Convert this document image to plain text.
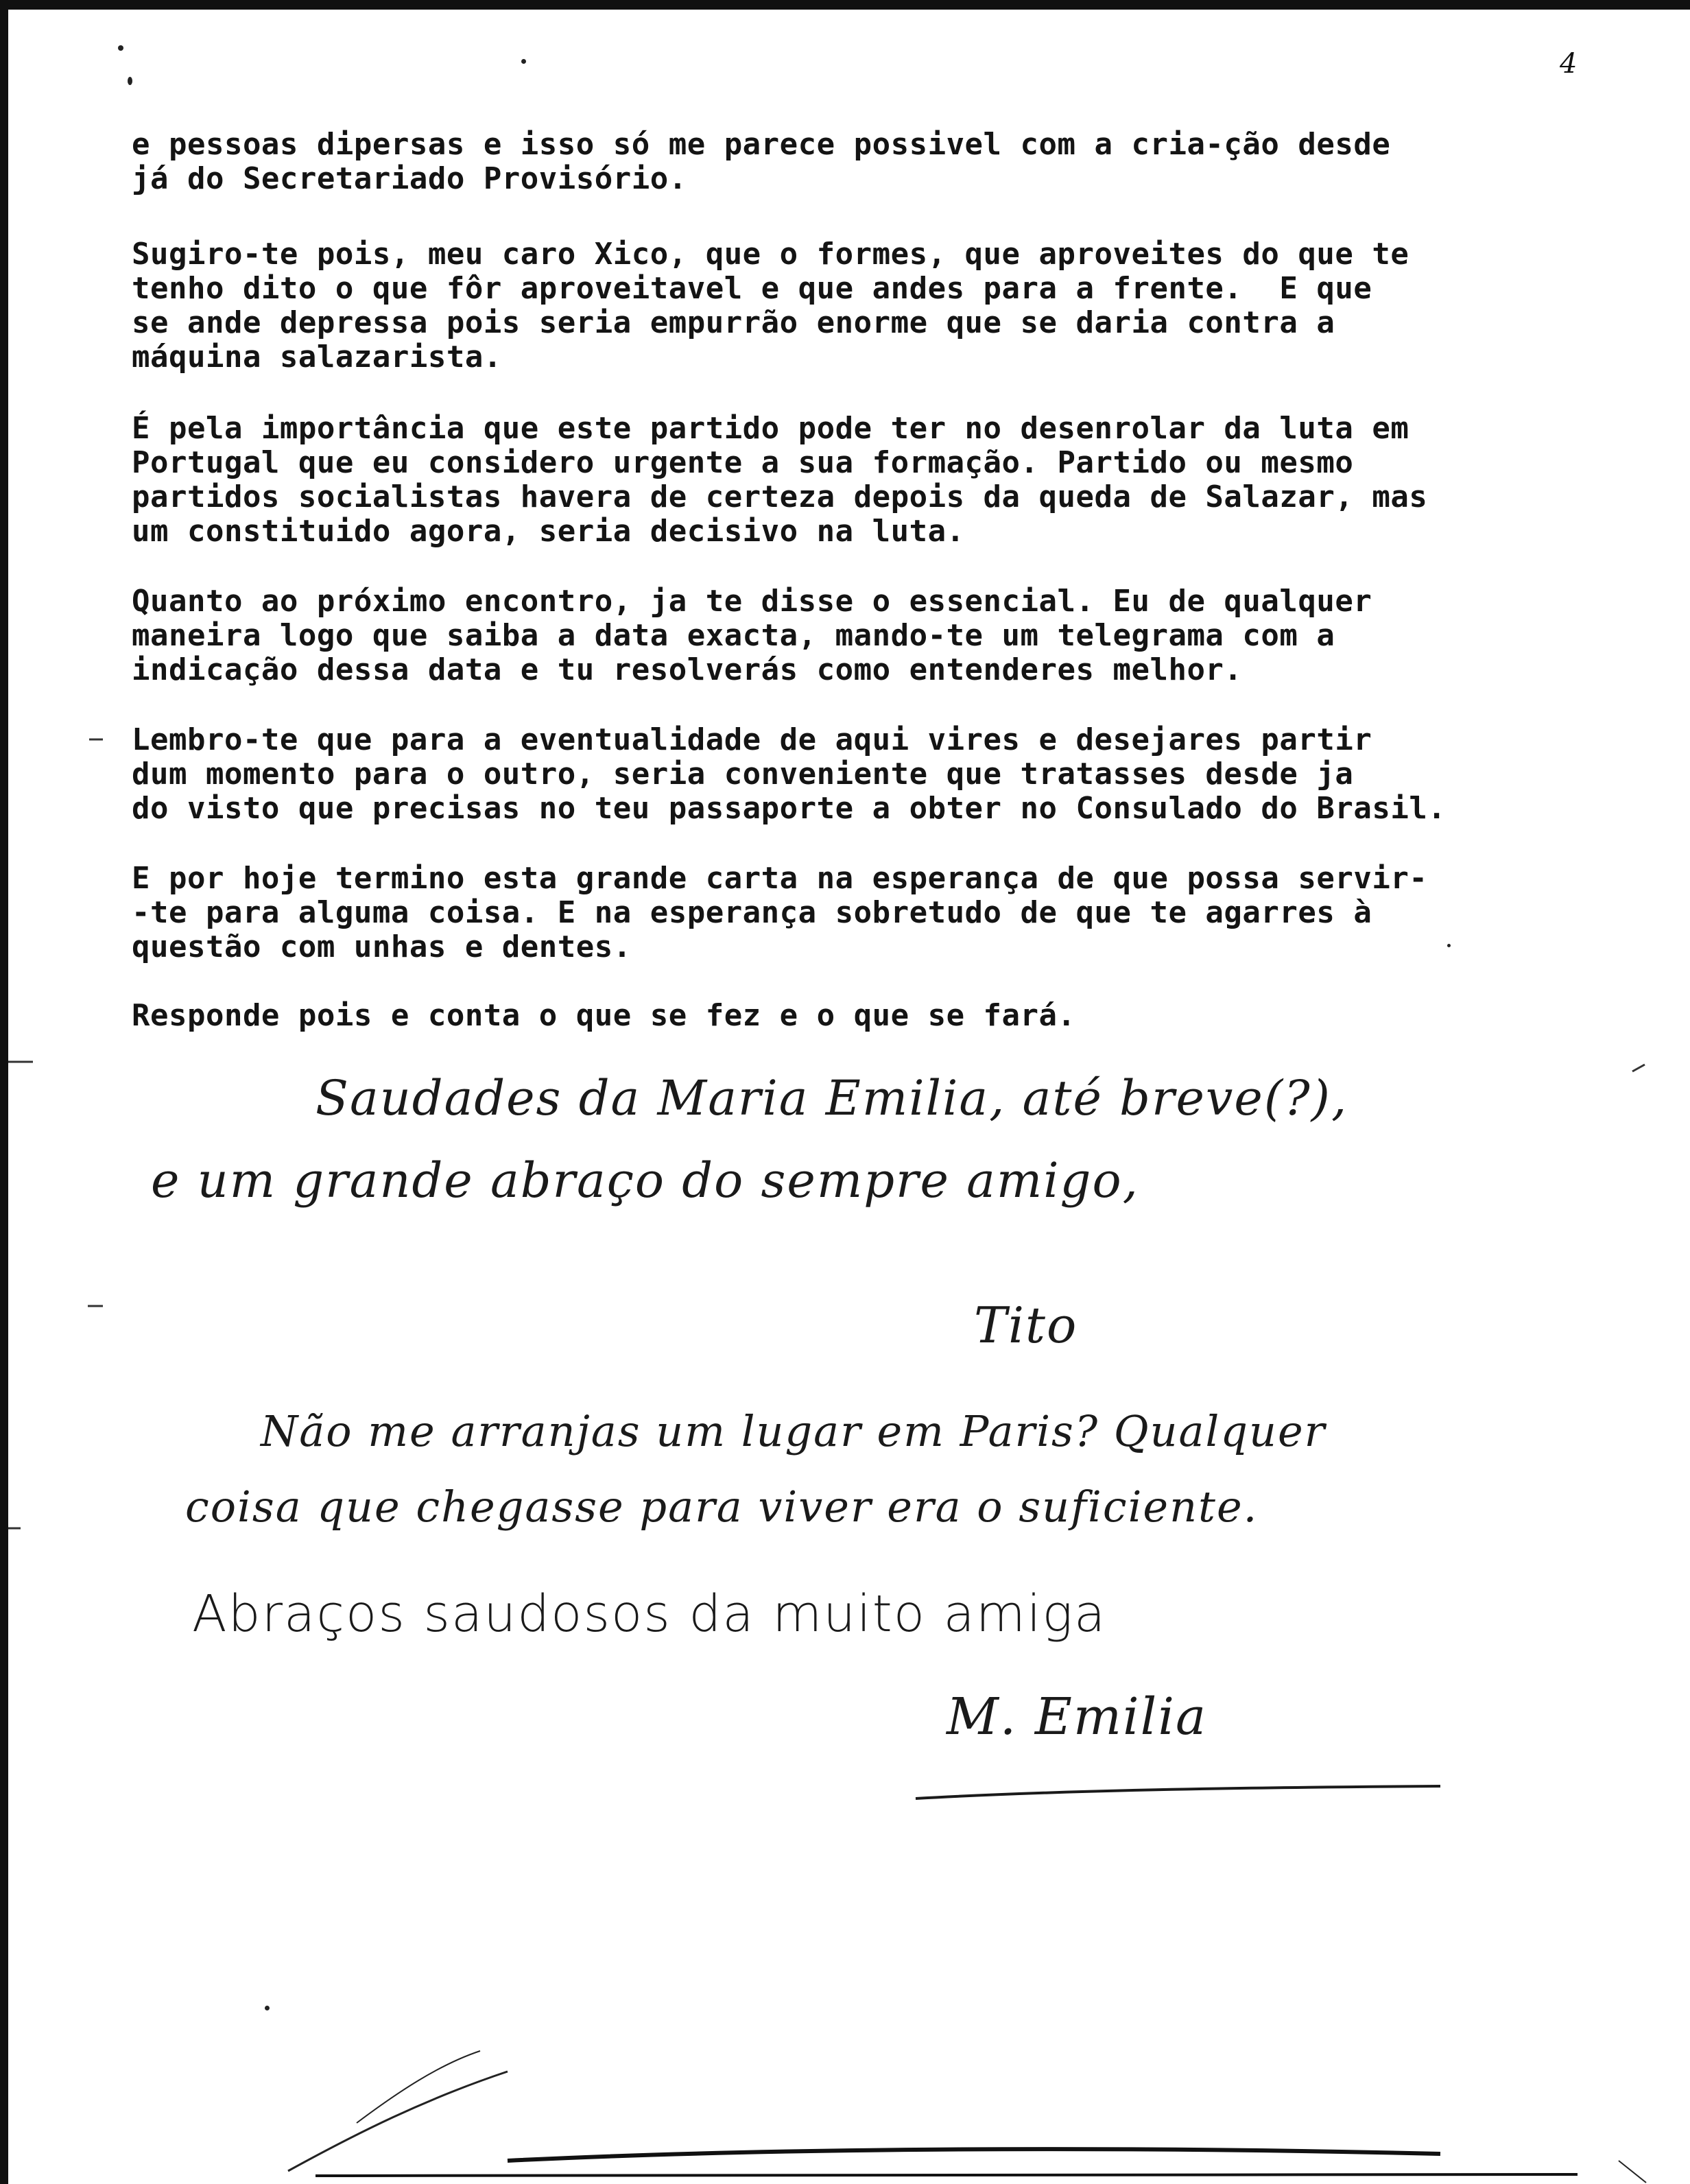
4
e pessoas dipersas e isso só me parece possivel com a cria-ção desde
já do Secretariado Provisório.
Sugiro-te pois, meu caro Xico, que o formes, que aproveites do que te
tenho dito o que fôr aproveitavel e que andes para a frente.  E que
se ande depressa pois seria empurrão enorme que se daria contra a
máquina salazarista.
É pela importância que este partido pode ter no desenrolar da luta em
Portugal que eu considero urgente a sua formação. Partido ou mesmo
partidos socialistas havera de certeza depois da queda de Salazar, mas
um constituido agora, seria decisivo na luta.
Quanto ao próximo encontro, ja te disse o essencial. Eu de qualquer
maneira logo que saiba a data exacta, mando-te um telegrama com a
indicação dessa data e tu resolverás como entenderes melhor.
Lembro-te que para a eventualidade de aqui vires e desejares partir
dum momento para o outro, seria conveniente que tratasses desde ja
do visto que precisas no teu passaporte a obter no Consulado do Brasil.
E por hoje termino esta grande carta na esperança de que possa servir-
-te para alguma coisa. E na esperança sobretudo de que te agarres à
questão com unhas e dentes.
Responde pois e conta o que se fez e o que se fará.
Saudades da Maria Emilia, até breve(?),
e um grande abraço do sempre amigo,
Tito
Não me arranjas um lugar em Paris? Qualquer
coisa que chegasse para viver era o suficiente.
Abraços saudosos da muito amiga
M. Emilia
